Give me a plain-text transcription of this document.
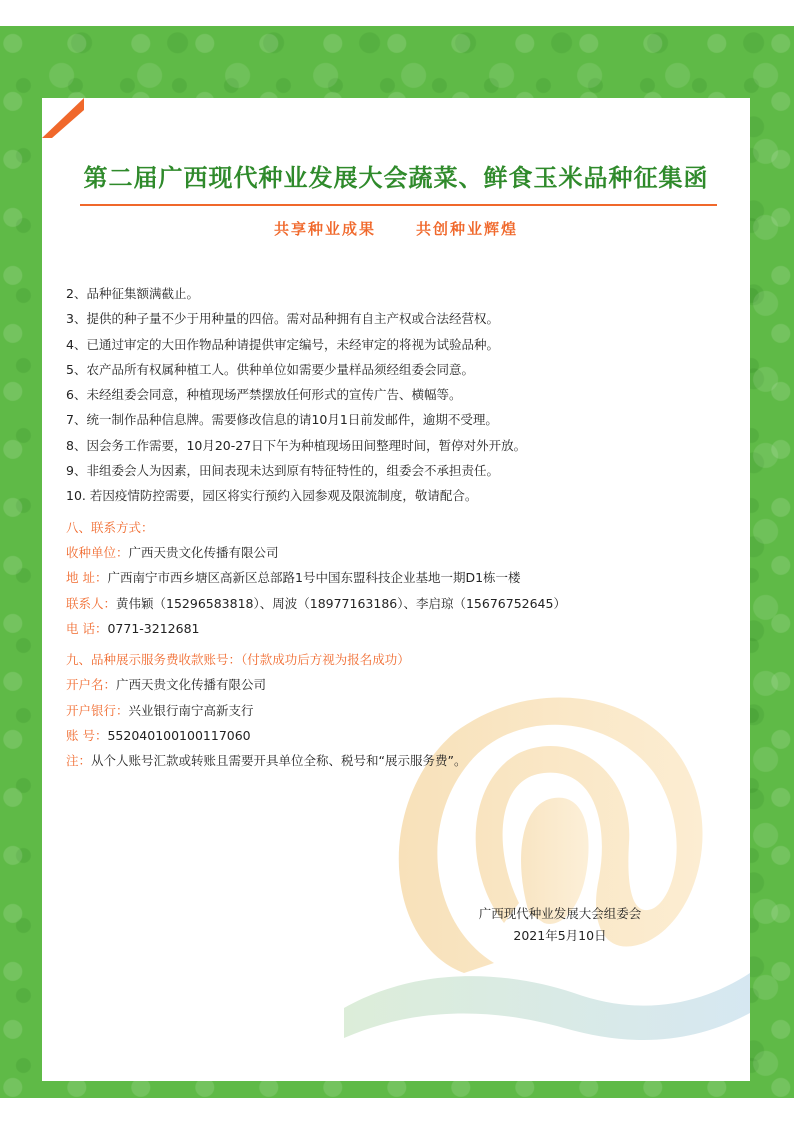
第二届广西现代种业发展大会蔬菜、鲜食玉米品种征集函
共享种业成果	共创种业辉煌
2、品种征集额满截止。
3、提供的种子量不少于用种量的四倍。需对品种拥有自主产权或合法经营权。
4、已通过审定的大田作物品种请提供审定编号，未经审定的将视为试验品种。
5、农产品所有权属种植工人。供种单位如需要少量样品须经组委会同意。
6、未经组委会同意，种植现场严禁摆放任何形式的宣传广告、横幅等。
7、统一制作品种信息牌。需要修改信息的请10月1日前发邮件，逾期不受理。
8、因会务工作需要，10月20-27日下午为种植现场田间整理时间，暂停对外开放。
9、非组委会人为因素，田间表现未达到原有特征特性的，组委会不承担责任。
10. 若因疫情防控需要，园区将实行预约入园参观及限流制度，敬请配合。
八、联系方式：
收种单位：广西天贵文化传播有限公司
地 址：广西南宁市西乡塘区高新区总部路1号中国东盟科技企业基地一期D1栋一楼
联系人：黄伟颖（15296583818）、周波（18977163186）、李启琼（15676752645）
电 话：0771-3212681
九、品种展示服务费收款账号：（付款成功后方视为报名成功）
开户名：广西天贵文化传播有限公司
开户银行：兴业银行南宁高新支行
账 号：552040100100117060
注：从个人账号汇款或转账且需要开具单位全称、税号和“展示服务费”。
广西现代种业发展大会组委会
2021年5月10日
